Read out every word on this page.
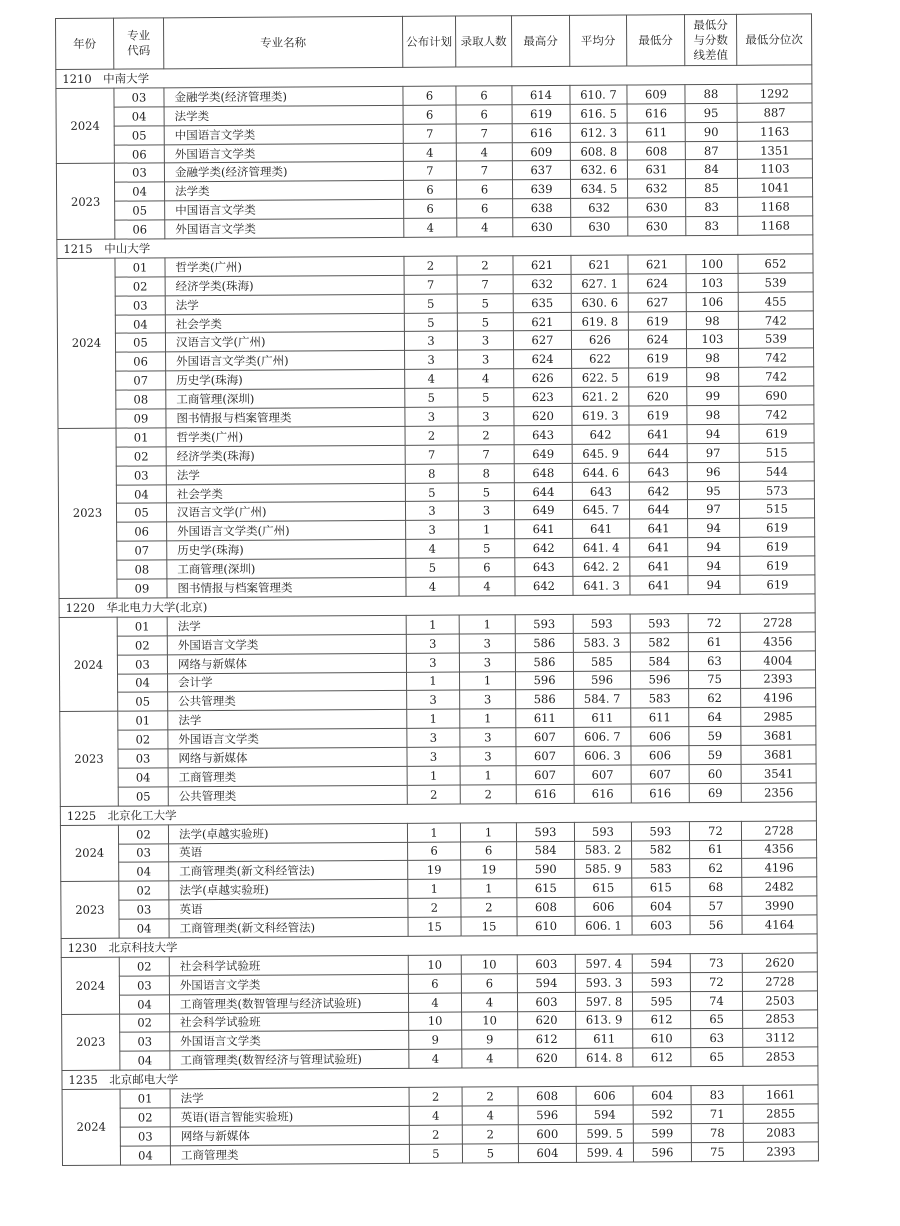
年份	专业代码	专业名称	公布计划	录取人数	最高分	平均分	最低分	最低分与分数线差值	最低分位次
1210　中南大学									
2024	03	金融学类(经济管理类)	6	6	614	610. 7	609	88	1292
	04	法学类	6	6	619	616. 5	616	95	887
	05	中国语言文学类	7	7	616	612. 3	611	90	1163
	06	外国语言文学类	4	4	609	608. 8	608	87	1351
2023	03	金融学类(经济管理类)	7	7	637	632. 6	631	84	1103
	04	法学类	6	6	639	634. 5	632	85	1041
	05	中国语言文学类	6	6	638	632	630	83	1168
	06	外国语言文学类	4	4	630	630	630	83	1168
1215　中山大学									
2024	01	哲学类(广州)	2	2	621	621	621	100	652
	02	经济学类(珠海)	7	7	632	627. 1	624	103	539
	03	法学	5	5	635	630. 6	627	106	455
	04	社会学类	5	5	621	619. 8	619	98	742
	05	汉语言文学(广州)	3	3	627	626	624	103	539
	06	外国语言文学类(广州)	3	3	624	622	619	98	742
	07	历史学(珠海)	4	4	626	622. 5	619	98	742
	08	工商管理(深圳)	5	5	623	621. 2	620	99	690
	09	图书情报与档案管理类	3	3	620	619. 3	619	98	742
2023	01	哲学类(广州)	2	2	643	642	641	94	619
	02	经济学类(珠海)	7	7	649	645. 9	644	97	515
	03	法学	8	8	648	644. 6	643	96	544
	04	社会学类	5	5	644	643	642	95	573
	05	汉语言文学(广州)	3	3	649	645. 7	644	97	515
	06	外国语言文学类(广州)	3	1	641	641	641	94	619
	07	历史学(珠海)	4	5	642	641. 4	641	94	619
	08	工商管理(深圳)	5	6	643	642. 2	641	94	619
	09	图书情报与档案管理类	4	4	642	641. 3	641	94	619
1220　华北电力大学(北京)									
2024	01	法学	1	1	593	593	593	72	2728
	02	外国语言文学类	3	3	586	583. 3	582	61	4356
	03	网络与新媒体	3	3	586	585	584	63	4004
	04	会计学	1	1	596	596	596	75	2393
	05	公共管理类	3	3	586	584. 7	583	62	4196
2023	01	法学	1	1	611	611	611	64	2985
	02	外国语言文学类	3	3	607	606. 7	606	59	3681
	03	网络与新媒体	3	3	607	606. 3	606	59	3681
	04	工商管理类	1	1	607	607	607	60	3541
	05	公共管理类	2	2	616	616	616	69	2356
1225　北京化工大学									
2024	02	法学(卓越实验班)	1	1	593	593	593	72	2728
	03	英语	6	6	584	583. 2	582	61	4356
	04	工商管理类(新文科经管法)	19	19	590	585. 9	583	62	4196
2023	02	法学(卓越实验班)	1	1	615	615	615	68	2482
	03	英语	2	2	608	606	604	57	3990
	04	工商管理类(新文科经管法)	15	15	610	606. 1	603	56	4164
1230　北京科技大学									
2024	02	社会科学试验班	10	10	603	597. 4	594	73	2620
	03	外国语言文学类	6	6	594	593. 3	593	72	2728
	04	工商管理类(数智管理与经济试验班)	4	4	603	597. 8	595	74	2503
2023	02	社会科学试验班	10	10	620	613. 9	612	65	2853
	03	外国语言文学类	9	9	612	611	610	63	3112
	04	工商管理类(数智经济与管理试验班)	4	4	620	614. 8	612	65	2853
1235　北京邮电大学									
2024	01	法学	2	2	608	606	604	83	1661
	02	英语(语言智能实验班)	4	4	596	594	592	71	2855
	03	网络与新媒体	2	2	600	599. 5	599	78	2083
	04	工商管理类	5	5	604	599. 4	596	75	2393
